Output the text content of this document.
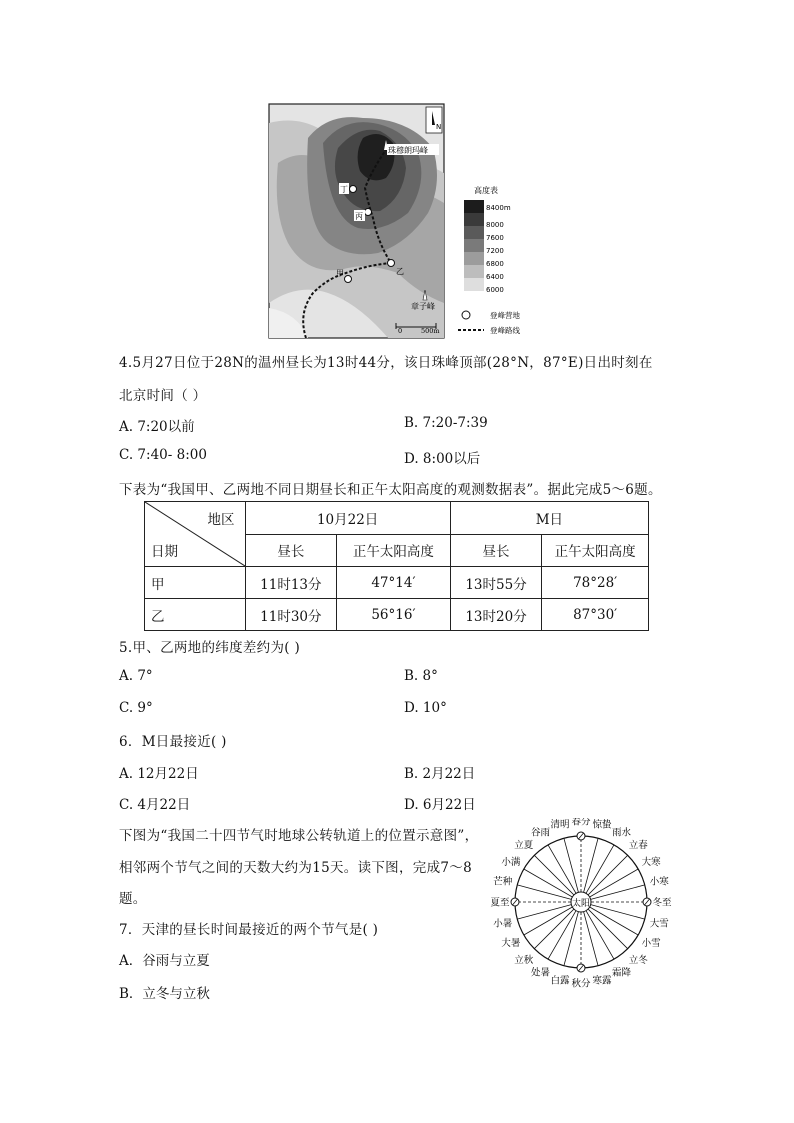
N
珠穆朗玛峰
丁
丙
乙
甲
章子峰
0	500m
高度表
8400m
8000
7600
7200
6800
6400
6000
登峰营地
登峰路线
4.5月27日位于28N的温州昼长为13时44分，该日珠峰顶部(28°N，87°E)日出时刻在
北京时间（ ）
A. 7:20以前	B. 7:20-7:39
C. 7:40- 8:00	D. 8:00以后
下表为“我国甲、乙两地不同日期昼长和正午太阳高度的观测数据表”。据此完成5～6题。
地区
日期	10月22日		M日	
	昼长	正午太阳高度	昼长	正午太阳高度
甲	11时13分	47°14′	13时55分	78°28′
乙	11时30分	56°16′	13时20分	87°30′
5.甲、乙两地的纬度差约为( )
A. 7°	B. 8°
C. 9°	D. 10°
6．M日最接近( )
A. 12月22日	B. 2月22日
C. 4月22日	D. 6月22日
下图为“我国二十四节气时地球公转轨道上的位置示意图”，
相邻两个节气之间的天数大约为15天。读下图，完成7～8
题。
7．天津的昼长时间最接近的两个节气是( )
A．谷雨与立夏
B．立冬与立秋
太阳
春分 惊蛰
雨水
立春
大寒
小寒
冬至
大雪
小雪
立冬
霜降
寒露
秋分
白露
处暑
立秋
大暑
小暑
夏至
芒种
小满
立夏
谷雨
清明
